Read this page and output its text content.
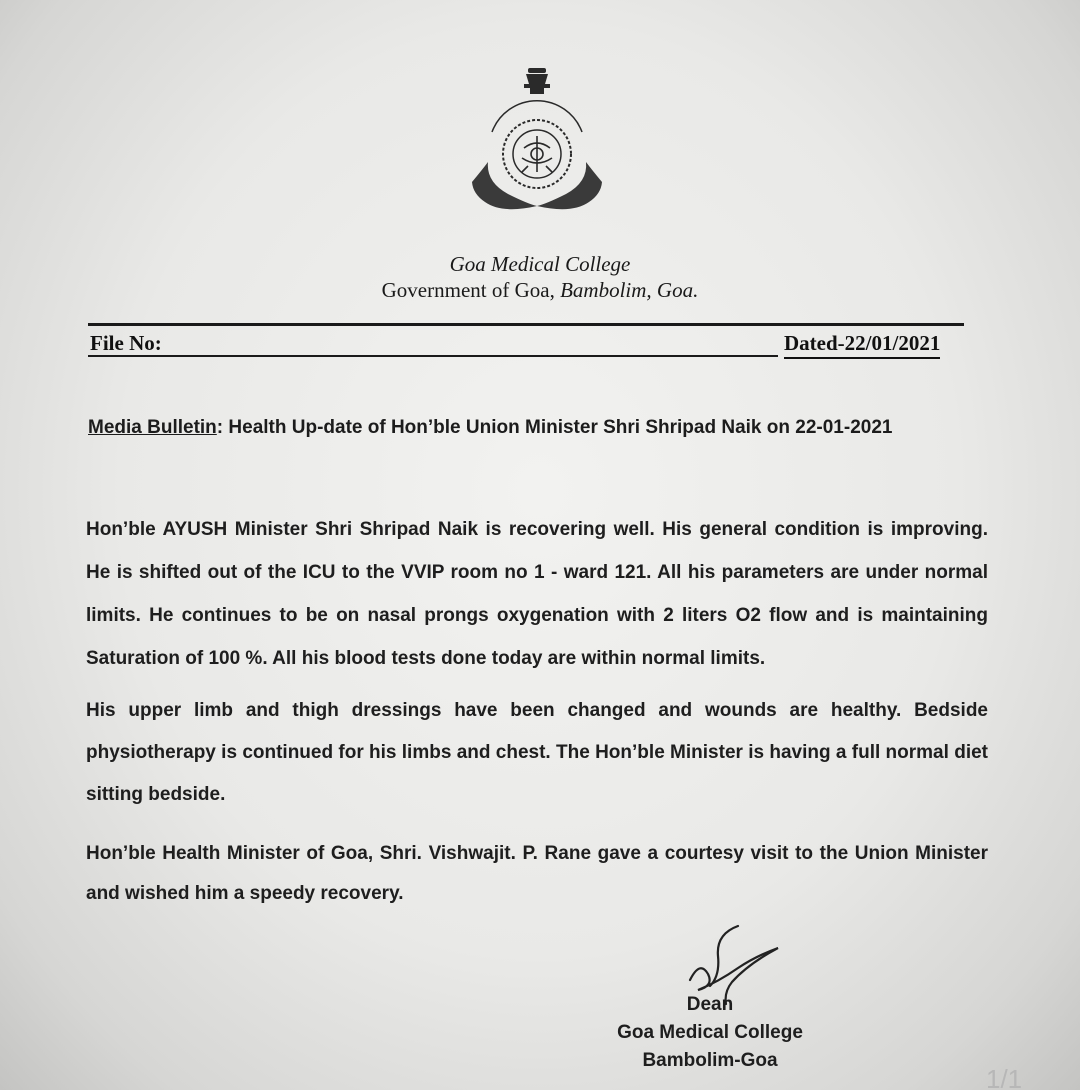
Goa Medical College
Government of Goa, Bambolim, Goa.
File No:	Dated-22/01/2021
Media Bulletin: Health Up-date of Hon’ble Union Minister Shri Shripad Naik on 22-01-2021
Hon’ble AYUSH Minister Shri Shripad Naik is recovering well. His general condition is improving. He is shifted out of the ICU to the VVIP room no 1 - ward 121. All his parameters are under normal limits. He continues to be on nasal prongs oxygenation with 2 liters O2 flow and is maintaining Saturation of 100 %. All his blood tests done today are within normal limits.
His upper limb and thigh dressings have been changed and wounds are healthy. Bedside physiotherapy is continued for his limbs and chest. The Hon’ble Minister is having a full normal diet sitting bedside.
Hon’ble Health Minister of Goa, Shri. Vishwajit. P. Rane gave a courtesy visit to the Union Minister and wished him a speedy recovery.
Dean
Goa Medical College
Bambolim-Goa
1/1
